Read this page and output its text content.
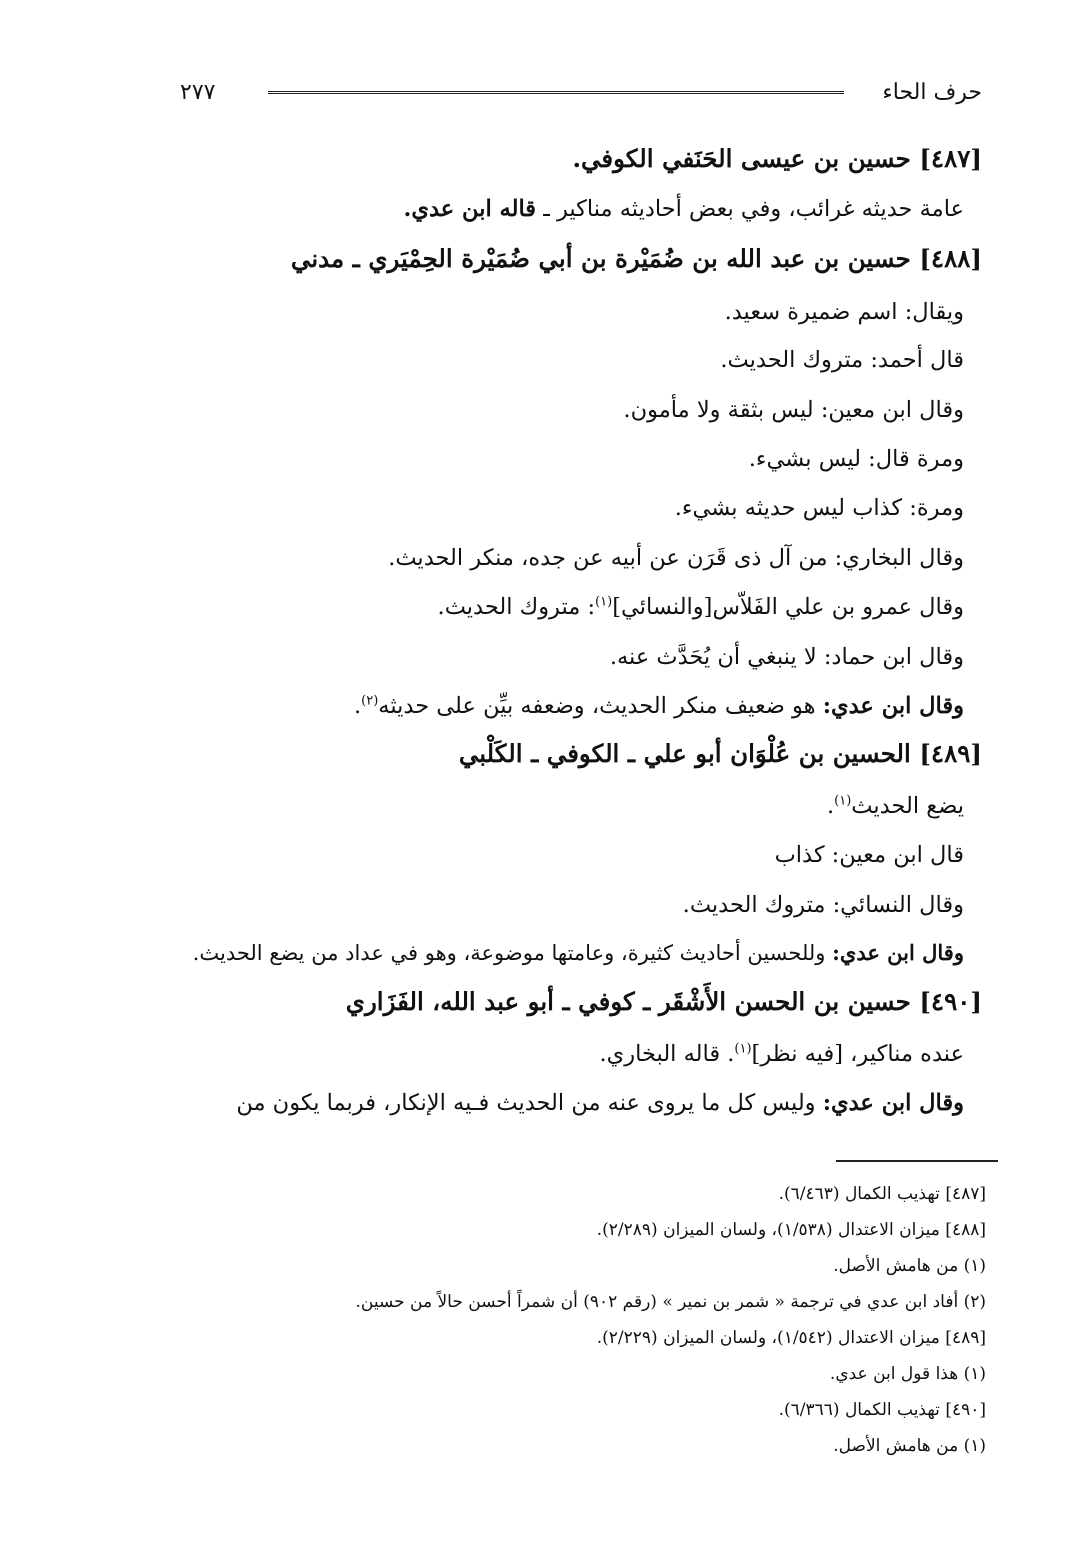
حرف الحاء
٢٧٧
[٤٨٧] حسين بن عيسى الحَنَفي الكوفي.
عامة حديثه غرائب، وفي بعض أحاديثه مناكير ـ قاله ابن عدي.
[٤٨٨] حسين بن عبد الله بن ضُمَيْرة بن أبي ضُمَيْرة الحِمْيَري ـ مدني
ويقال: اسم ضميرة سعيد.
قال أحمد: متروك الحديث.
وقال ابن معين: ليس بثقة ولا مأمون.
ومرة قال: ليس بشيء.
ومرة: كذاب ليس حديثه بشيء.
وقال البخاري: من آل ذى قَرَن عن أبيه عن جده، منكر الحديث.
وقال عمرو بن علي الفَلاّس[والنسائي]$^{(١)}$: متروك الحديث.
وقال ابن حماد: لا ينبغي أن يُحَدَّث عنه.
وقال ابن عدي: هو ضعيف منكر الحديث، وضعفه بيِّن على حديثه$^{(٢)}$.
[٤٨٩] الحسين بن عُلْوَان أبو علي ـ الكوفي ـ الكَلْبي
يضع الحديث$^{(١)}$.
قال ابن معين: كذاب
وقال النسائي: متروك الحديث.
وقال ابن عدي: وللحسين أحاديث كثيرة، وعامتها موضوعة، وهو في عداد من يضع الحديث.
[٤٩٠] حسين بن الحسن الأَشْقَر ـ كوفي ـ أبو عبد الله، الفَزَاري
عنده مناكير، [فيه نظر]$^{(١)}$. قاله البخاري.
وقال ابن عدي: وليس كل ما يروى عنه من الحديث فـيه الإنكار، فربما يكون من
[٤٨٧] تهذيب الكمال (٦/٤٦٣).
[٤٨٨] ميزان الاعتدال (١/٥٣٨)، ولسان الميزان (٢/٢٨٩).
(١) من هامش الأصل.
(٢) أفاد ابن عدي في ترجمة « شمر بن نمير » (رقم ٩٠٢) أن شمراً أحسن حالاً من حسين.
[٤٨٩] ميزان الاعتدال (١/٥٤٢)، ولسان الميزان (٢/٢٢٩).
(١) هذا قول ابن عدي.
[٤٩٠] تهذيب الكمال (٦/٣٦٦).
(١) من هامش الأصل.
